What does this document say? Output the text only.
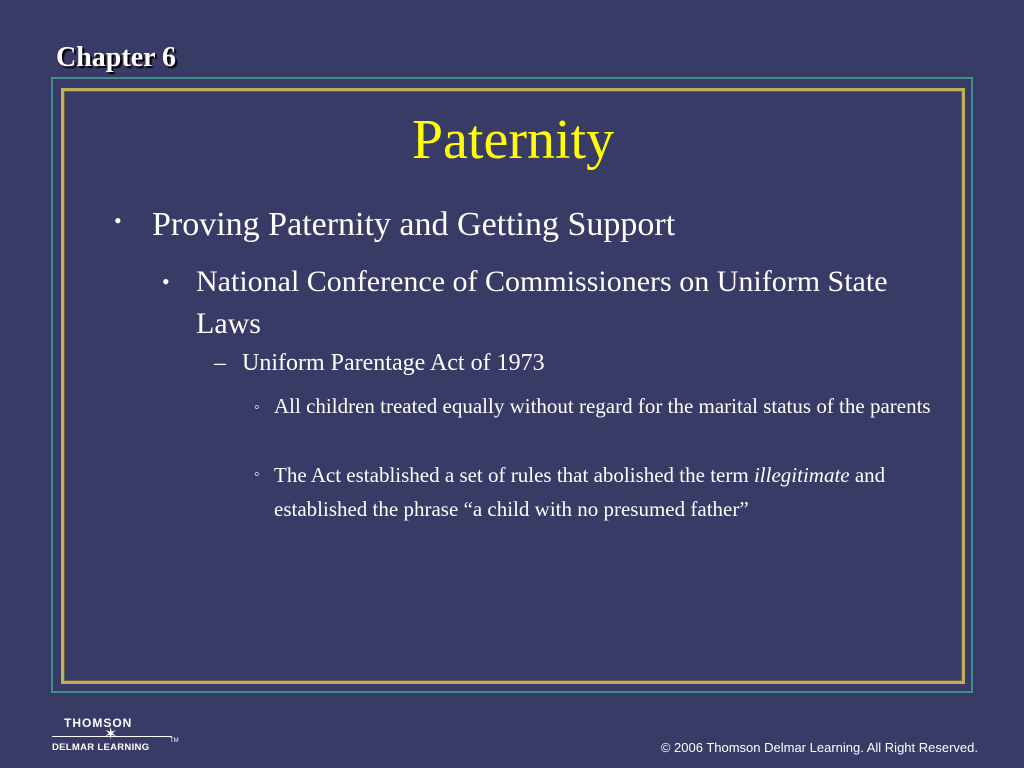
Chapter 6
Paternity
• Proving Paternity and Getting Support
• National Conference of Commissioners on Uniform State Laws
– Uniform Parentage Act of 1973
◦ All children treated equally without regard for the marital status of the parents
◦ The Act established a set of rules that abolished the term illegitimate and established the phrase “a child with no presumed father”
THOMSON
✶
DELMAR LEARNING
TM	© 2006 Thomson Delmar Learning. All Right Reserved.
